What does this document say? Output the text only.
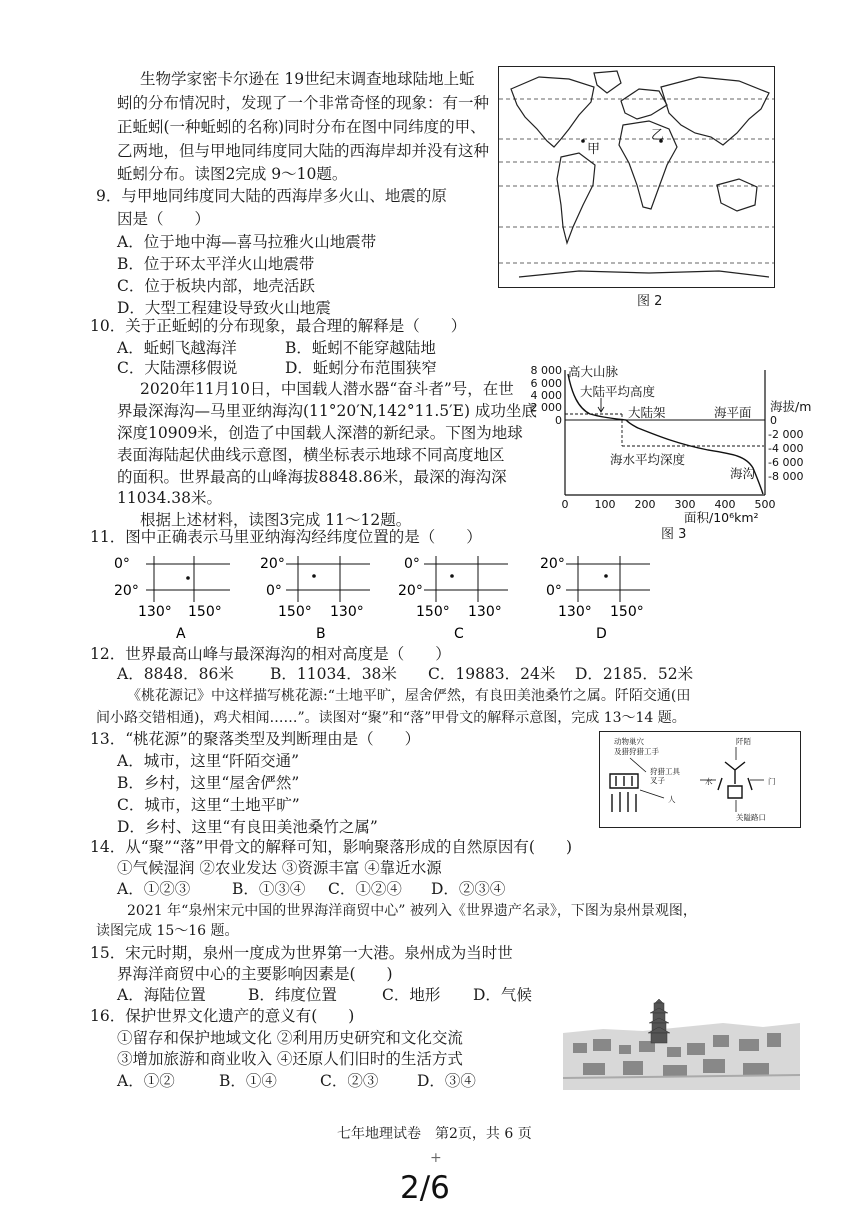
生物学家密卡尔逊在 19世纪末调查地球陆地上蚯
蚓的分布情况时，发现了一个非常奇怪的现象：有一种
正蚯蚓(一种蚯蚓的名称)同时分布在图中同纬度的甲、
乙两地，但与甲地同纬度同大陆的西海岸却并没有这种
蚯蚓分布。读图2完成 9～10题。
9．与甲地同纬度同大陆的西海岸多火山、地震的原
因是（　　）
A．位于地中海—喜马拉雅火山地震带
B．位于环太平洋火山地震带
C．位于板块内部，地壳活跃
D．大型工程建设导致火山地震
甲
乙
图 2
10．关于正蚯蚓的分布现象，最合理的解释是（　　）
A．蚯蚓飞越海洋	B．蚯蚓不能穿越陆地
C．大陆漂移假说	D．蚯蚓分布范围狭窄
2020年11月10日，中国载人潜水器“奋斗者”号，在世
界最深海沟—马里亚纳海沟(11°20′N,142°11.5′E) 成功坐底
深度10909米，创造了中国载人深潜的新纪录。下图为地球
表面海陆起伏曲线示意图，横坐标表示地球不同高度地区
的面积。世界最高的山峰海拔8848.86米，最深的海沟深
11034.38米。
根据上述材料，读图3完成 11～12题。
8 000
6 000
4 000
2 000
0	0
-2 000
-4 000
-6 000
-8 000
0 100 200 300 400 500
高大山脉
大陆平均高度
大陆架	海平面 海拔/m
海水平均深度
海沟
面积/10⁶km²
图 3
11．图中正确表示马里亚纳海沟经纬度位置的是（　　）
0°
20°
130° 150°
A
20°
0°
150° 130°
B
0°
20°
150° 130°
C
20°
0°
130° 150°
D
12．世界最高山峰与最深海沟的相对高度是（　　）
A．8848．86米 B．11034．38米 C．19883．24米 D．2185．52米
《桃花源记》中这样描写桃花源:“土地平旷，屋舍俨然，有良田美池桑竹之属。阡陌交通(田
间小路交错相通)，鸡犬相闻……”。读图对“聚”和“落”甲骨文的解释示意图，完成 13～14 题。
13．“桃花源”的聚落类型及判断理由是（　　）
A．城市，这里“阡陌交通”
B．乡村，这里“屋舍俨然”
C．城市，这里“土地平旷”
D．乡村、这里“有良田美池桑竹之属”
动物巢穴
及猎狩猎工手
狩猎工具
叉子
人
阡陌
水	门
关隘路口
14．从“聚”“落”甲骨文的解释可知，影响聚落形成的自然原因有(　　)
①气候湿润 ②农业发达 ③资源丰富 ④靠近水源
A．①②③	B．①③④ C．①②④ D．②③④
2021 年“泉州宋元中国的世界海洋商贸中心” 被列入《世界遗产名录》，下图为泉州景观图，
读图完成 15～16 题。
15．宋元时期，泉州一度成为世界第一大港。泉州成为当时世
界海洋商贸中心的主要影响因素是(　　)
A．海陆位置	B．纬度位置	C．地形 D．气候
16．保护世界文化遗产的意义有(　　)
①留存和保护地域文化 ②利用历史研究和文化交流
③增加旅游和商业收入 ④还原人们旧时的生活方式
A．①②	B．①④	C．②③ D．③④
七年地理试卷　第2页，共 6 页
+
2/6
